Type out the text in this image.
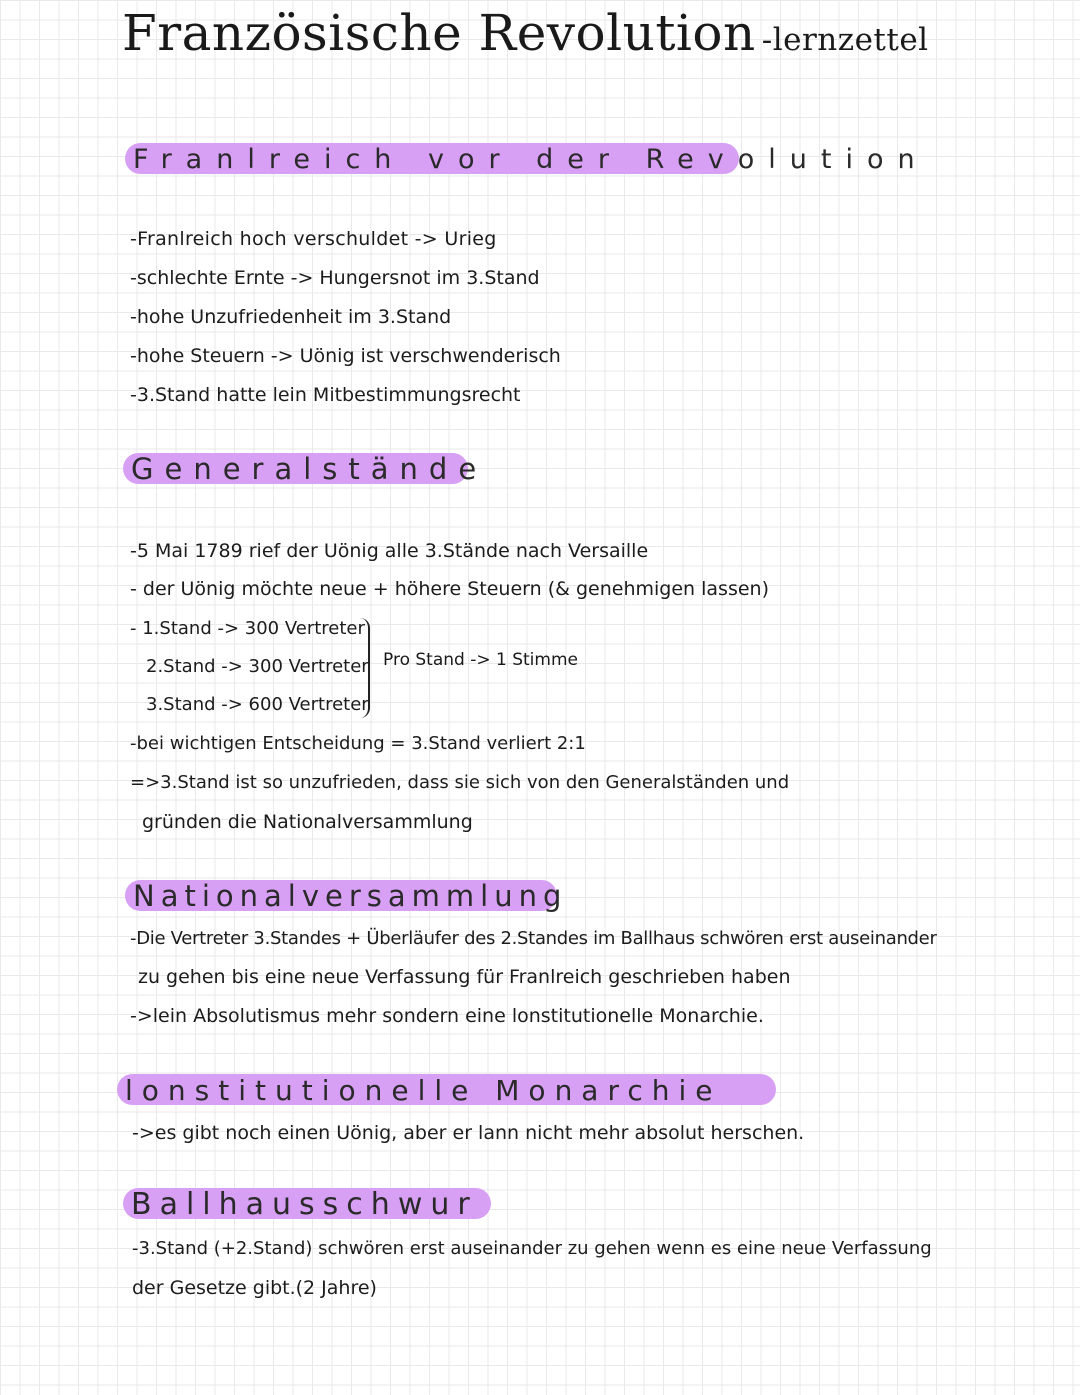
Französische Revolution -lernzettel
Franlreich vor der Revolution
-Franlreich hoch verschuldet -> Urieg
-schlechte Ernte -> Hungersnot im 3.Stand
-hohe Unzufriedenheit im 3.Stand
-hohe Steuern -> Uönig ist verschwenderisch
-3.Stand hatte lein Mitbestimmungsrecht
Generalstände
-5 Mai 1789 rief der Uönig alle 3.Stände nach Versaille
- der Uönig möchte neue + höhere Steuern (& genehmigen lassen)
- 1.Stand -> 300 Vertreter
2.Stand -> 300 Vertreter
3.Stand -> 600 Vertreter
Pro Stand -> 1 Stimme
-bei wichtigen Entscheidung = 3.Stand verliert 2:1
=>3.Stand ist so unzufrieden, dass sie sich von den Generalständen und
gründen die Nationalversammlung
Nationalversammlung
-Die Vertreter 3.Standes + Überläufer des 2.Standes im Ballhaus schwören erst auseinander
zu gehen bis eine neue Verfassung für Franlreich geschrieben haben
->lein Absolutismus mehr sondern eine lonstitutionelle Monarchie.
lonstitutionelle Monarchie
->es gibt noch einen Uönig, aber er lann nicht mehr absolut herschen.
Ballhausschwur
-3.Stand (+2.Stand) schwören erst auseinander zu gehen wenn es eine neue Verfassung
der Gesetze gibt.(2 Jahre)
